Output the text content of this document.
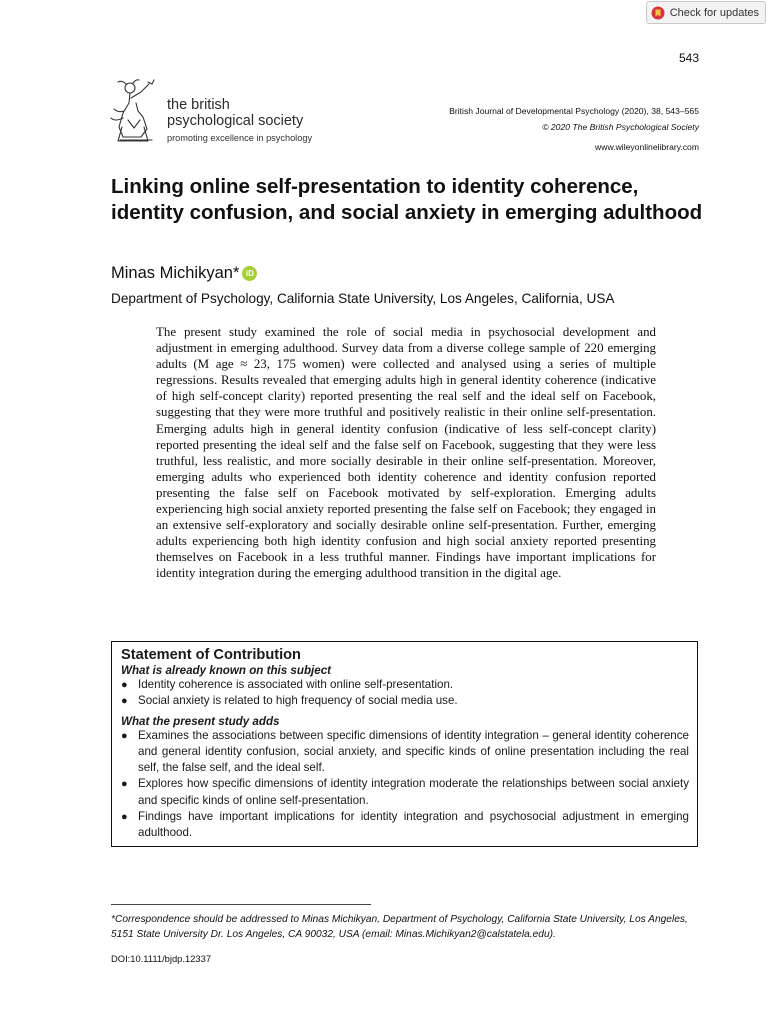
Check for updates
543
the british
psychological society
promoting excellence in psychology
British Journal of Developmental Psychology (2020), 38, 543–565
© 2020 The British Psychological Society
www.wileyonlinelibrary.com
Linking online self-presentation to identity coherence, identity confusion, and social anxiety in emerging adulthood
Minas Michikyan* iD
Department of Psychology, California State University, Los Angeles, California, USA

The present study examined the role of social media in psychosocial development and adjustment in emerging adulthood. Survey data from a diverse college sample of 220 emerging adults (M age ≈ 23, 175 women) were collected and analysed using a series of multiple regressions. Results revealed that emerging adults high in general identity coherence (indicative of high self-concept clarity) reported presenting the real self and the ideal self on Facebook, suggesting that they were more truthful and positively realistic in their online self-presentation. Emerging adults high in general identity confusion (indicative of less self-concept clarity) reported presenting the ideal self and the false self on Facebook, suggesting that they were less truthful, less realistic, and more socially desirable in their online self-presentation. Moreover, emerging adults who experienced both identity coherence and identity confusion reported presenting the false self on Facebook motivated by self-exploration. Emerging adults experiencing high social anxiety reported presenting the false self on Facebook; they engaged in an extensive self-exploratory and socially desirable online self-presentation. Further, emerging adults experiencing both high identity confusion and high social anxiety reported presenting themselves on Facebook in a less truthful manner. Findings have important implications for identity integration during the emerging adulthood transition in the digital age.

Statement of Contribution
What is already known on this subject
● Identity coherence is associated with online self-presentation.
● Social anxiety is related to high frequency of social media use.
What the present study adds
● Examines the associations between specific dimensions of identity integration – general identity coherence and general identity confusion, social anxiety, and specific kinds of online presentation including the real self, the false self, and the ideal self.
● Explores how specific dimensions of identity integration moderate the relationships between social anxiety and specific kinds of online self-presentation.
● Findings have important implications for identity integration and psychosocial adjustment in emerging adulthood.

*Correspondence should be addressed to Minas Michikyan, Department of Psychology, California State University, Los Angeles, 5151 State University Dr. Los Angeles, CA 90032, USA (email: Minas.Michikyan2@calstatela.edu).

DOI:10.1111/bjdp.12337
